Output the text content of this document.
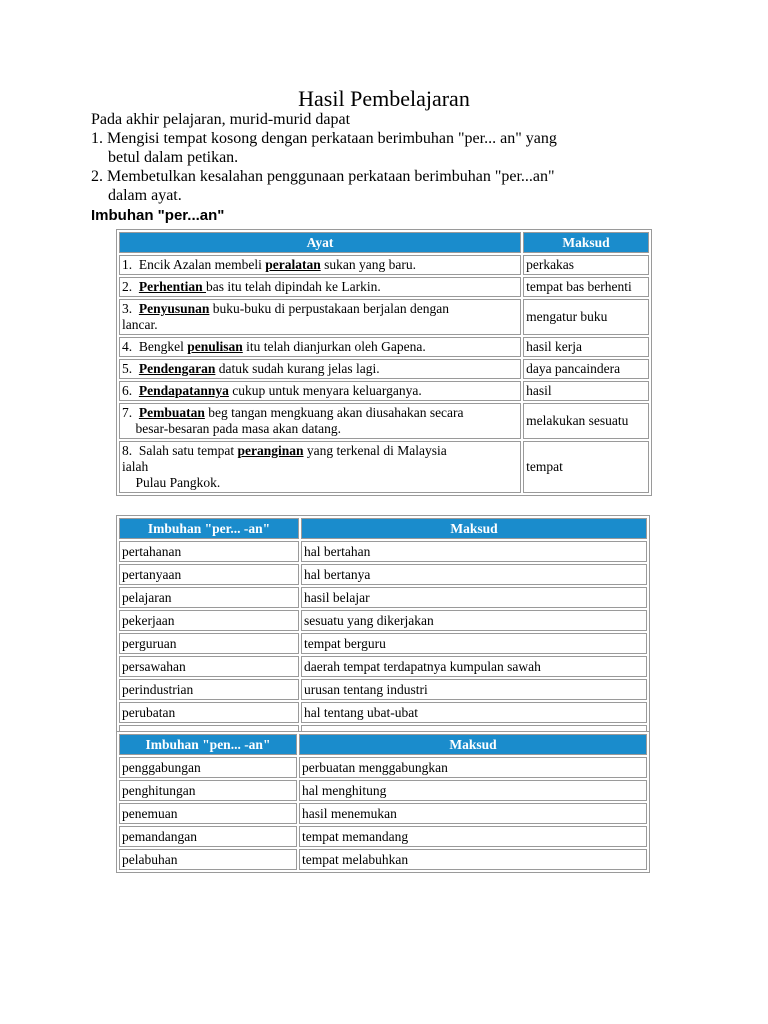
Hasil Pembelajaran
Pada akhir pelajaran, murid-murid dapat
1. Mengisi tempat kosong dengan perkataan berimbuhan "per... an" yang
betul dalam petikan.
2. Membetulkan kesalahan penggunaan perkataan berimbuhan "per...an"
dalam ayat.
Imbuhan "per...an"
Ayat	Maksud
1. Encik Azalan membeli peralatan sukan yang baru.	perkakas
2. Perhentian bas itu telah dipindah ke Larkin.	tempat bas berhenti
3. Penyusunan buku-buku di perpustakaan berjalan dengan
lancar.	mengatur buku
4. Bengkel penulisan itu telah dianjurkan oleh Gapena.	hasil kerja
5. Pendengaran datuk sudah kurang jelas lagi.	daya pancaindera
6. Pendapatannya cukup untuk menyara keluarganya.	hasil
7. Pembuatan beg tangan mengkuang akan diusahakan secara
besar-besaran pada masa akan datang.	melakukan sesuatu
8. Salah satu tempat peranginan yang terkenal di Malaysia
ialah
Pulau Pangkok.	tempat
Imbuhan "per... -an"	Maksud
pertahanan	hal bertahan
pertanyaan	hal bertanya
pelajaran	hasil belajar
pekerjaan	sesuatu yang dikerjakan
perguruan	tempat berguru
persawahan	daerah tempat terdapatnya kumpulan sawah
perindustrian	urusan tentang industri
perubatan	hal tentang ubat-ubat

Imbuhan "pen... -an"	Maksud
penggabungan	perbuatan menggabungkan
penghitungan	hal menghitung
penemuan	hasil menemukan
pemandangan	tempat memandang
pelabuhan	tempat melabuhkan
